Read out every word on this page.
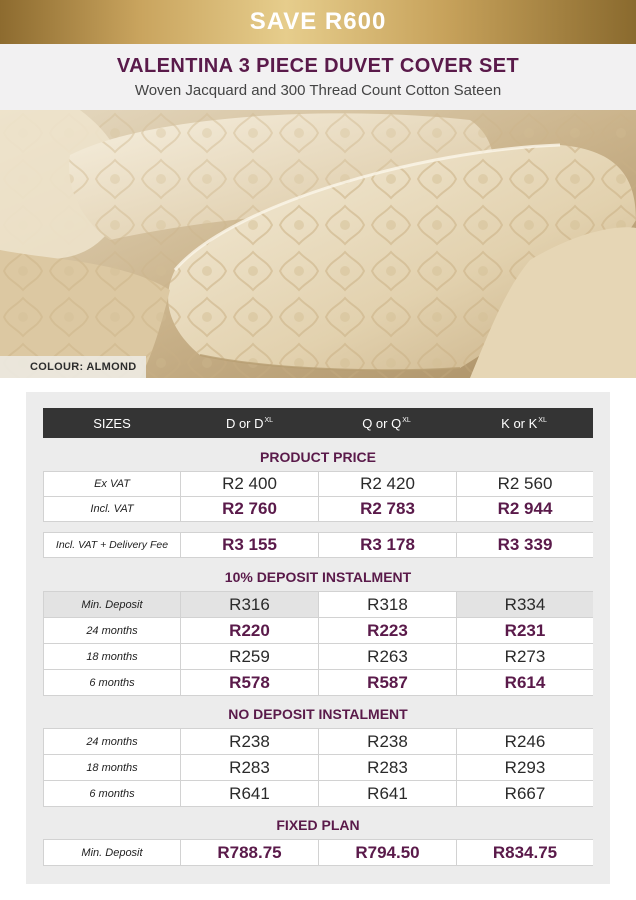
SAVE R600
VALENTINA 3 PIECE DUVET COVER SET
Woven Jacquard and 300 Thread Count Cotton Sateen
COLOUR: ALMOND
SIZES	D or $D^{XL}$	Q or $Q^{XL}$	K or $K^{XL}$
PRODUCT PRICE
Ex VAT	R2 400	R2 420	R2 560
Incl. VAT	R2 760	R2 783	R2 944
Incl. VAT + Delivery Fee	R3 155	R3 178	R3 339
10% DEPOSIT INSTALMENT
Min. Deposit	R316	R318	R334
24 months	R220	R223	R231
18 months	R259	R263	R273
6 months	R578	R587	R614
NO DEPOSIT INSTALMENT
24 months	R238	R238	R246
18 months	R283	R283	R293
6 months	R641	R641	R667
FIXED PLAN
Min. Deposit	R788.75	R794.50	R834.75
